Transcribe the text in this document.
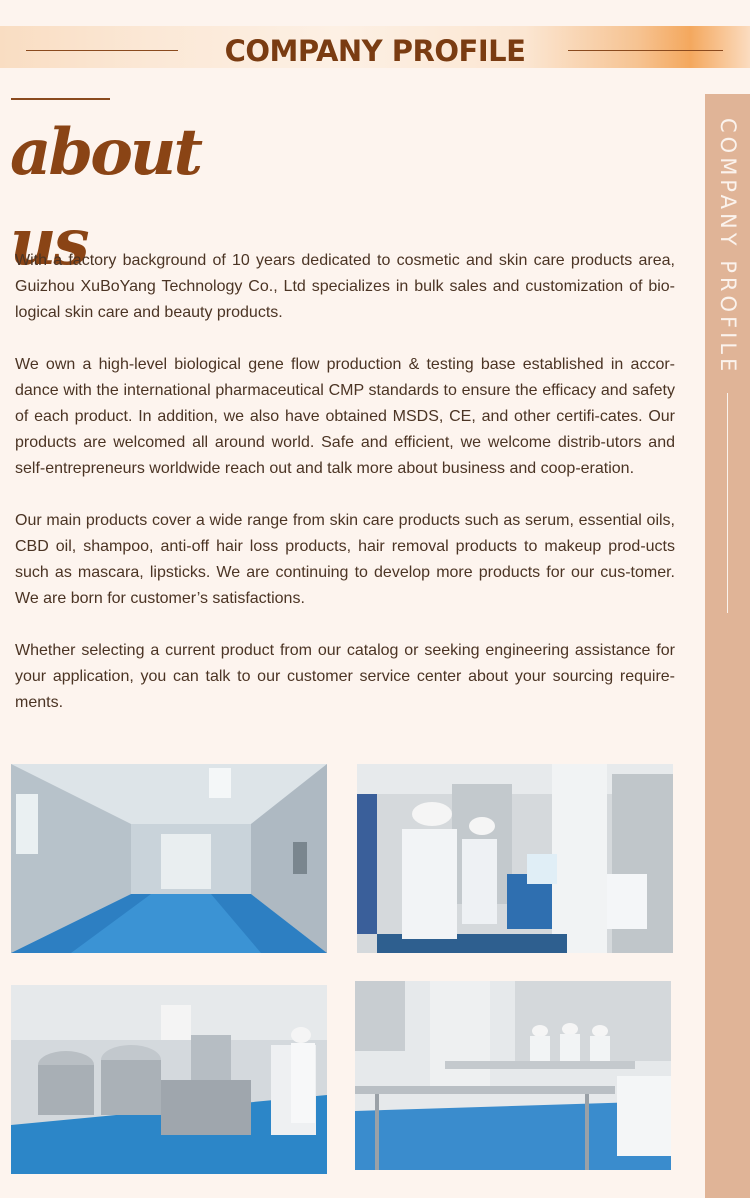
COMPANY PROFILE
about us	COMPANY PROFILE

With a factory background of 10 years dedicated to cosmetic and skin care products area, Guizhou XuBoYang Technology Co., Ltd specializes in bulk sales and customization of bio-logical skin care and beauty products.

We own a high-level biological gene flow production & testing base established in accor-dance with the international pharmaceutical CMP standards to ensure the efficacy and safety of each product. In addition, we also have obtained MSDS, CE, and other certifi-cates. Our products are welcomed all around world. Safe and efficient, we welcome distrib-utors and self-entrepreneurs worldwide reach out and talk more about business and coop-eration.

Our main products cover a wide range from skin care products such as serum, essential oils, CBD oil, shampoo, anti-off hair loss products, hair removal products to makeup prod-ucts such as mascara, lipsticks. We are continuing to develop more products for our cus-tomer. We are born for customer’s satisfactions.

Whether selecting a current product from our catalog or seeking engineering assistance for your application, you can talk to our customer service center about your sourcing require-ments.
